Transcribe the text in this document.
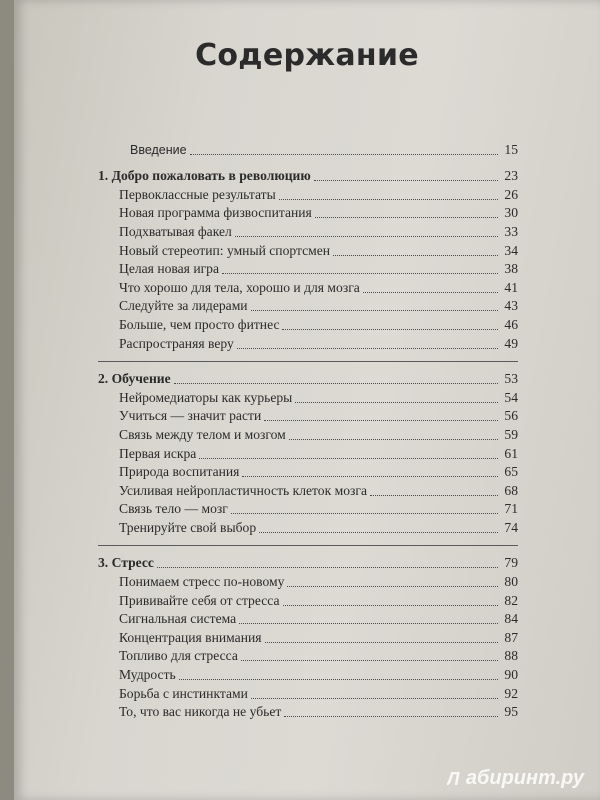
Содержание
Введение	15
1. Добро пожаловать в революцию	23
Первоклассные результаты	26
Новая программа физвоспитания	30
Подхватывая факел	33
Новый стереотип: умный спортсмен	34
Целая новая игра	38
Что хорошо для тела, хорошо и для мозга	41
Следуйте за лидерами	43
Больше, чем просто фитнес	46
Распространяя веру	49
2. Обучение	53
Нейромедиаторы как курьеры	54
Учиться — значит расти	56
Связь между телом и мозгом	59
Первая искра	61
Природа воспитания	65
Усиливая нейропластичность клеток мозга	68
Связь тело — мозг	71
Тренируйте свой выбор	74
3. Стресс	79
Понимаем стресс по-новому	80
Прививайте себя от стресса	82
Сигнальная система	84
Концентрация внимания	87
Топливо для стресса	88
Мудрость	90
Борьба с инстинктами	92
То, что вас никогда не убьет	95
Л абиринт.ру
